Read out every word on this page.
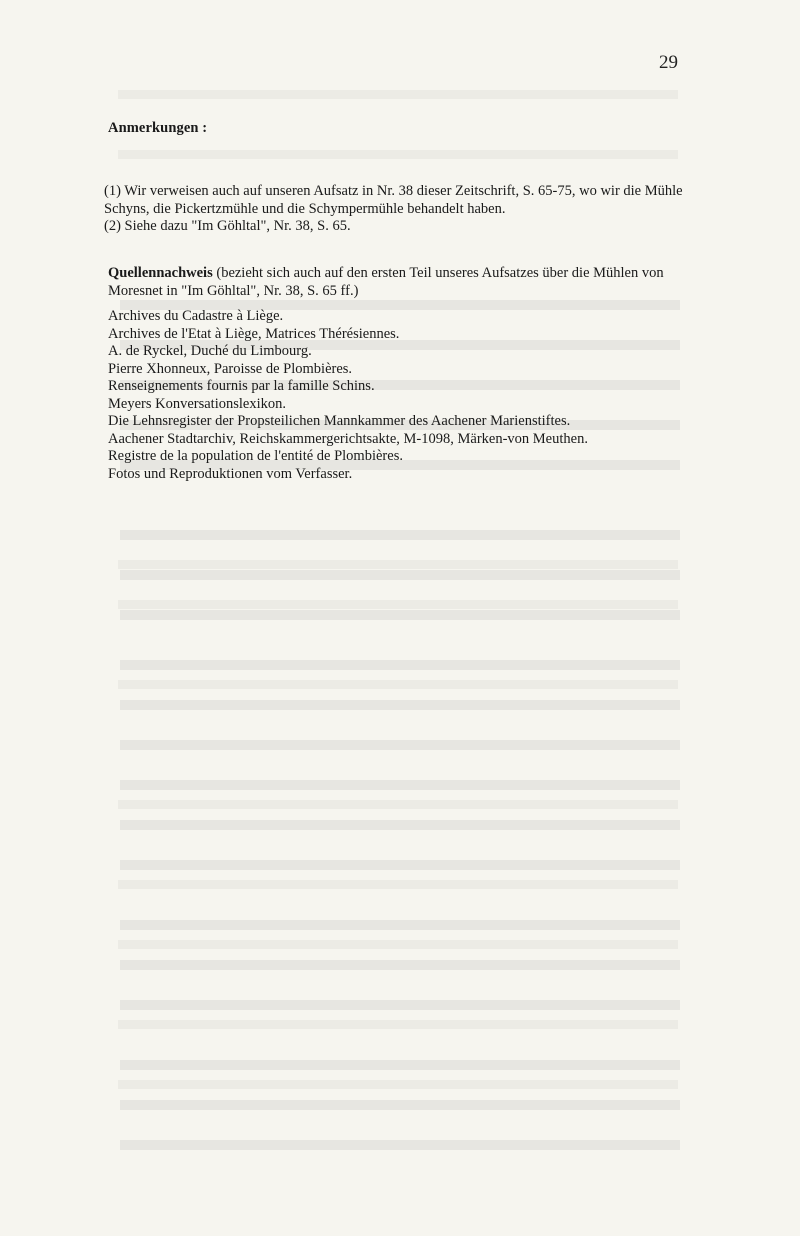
29
Anmerkungen :

(1) Wir verweisen auch auf unseren Aufsatz in Nr. 38 dieser Zeitschrift, S. 65-75, wo wir die Mühle Schyns, die Pickertzmühle und die Schympermühle behandelt haben.

(2) Siehe dazu "Im Göhltal", Nr. 38, S. 65.

Quellennachweis (bezieht sich auch auf den ersten Teil unseres Aufsatzes über die Mühlen von Moresnet in "Im Göhltal", Nr. 38, S. 65 ff.)
Archives du Cadastre à Liège.
Archives de l'Etat à Liège, Matrices Thérésiennes.
A. de Ryckel, Duché du Limbourg.
Pierre Xhonneux, Paroisse de Plombières.
Renseignements fournis par la famille Schins.
Meyers Konversationslexikon.
Die Lehnsregister der Propsteilichen Mannkammer des Aachener Marienstiftes.
Aachener Stadtarchiv, Reichskammergerichtsakte, M-1098, Märken-von Meuthen.
Registre de la population de l'entité de Plombières.
Fotos und Reproduktionen vom Verfasser.
